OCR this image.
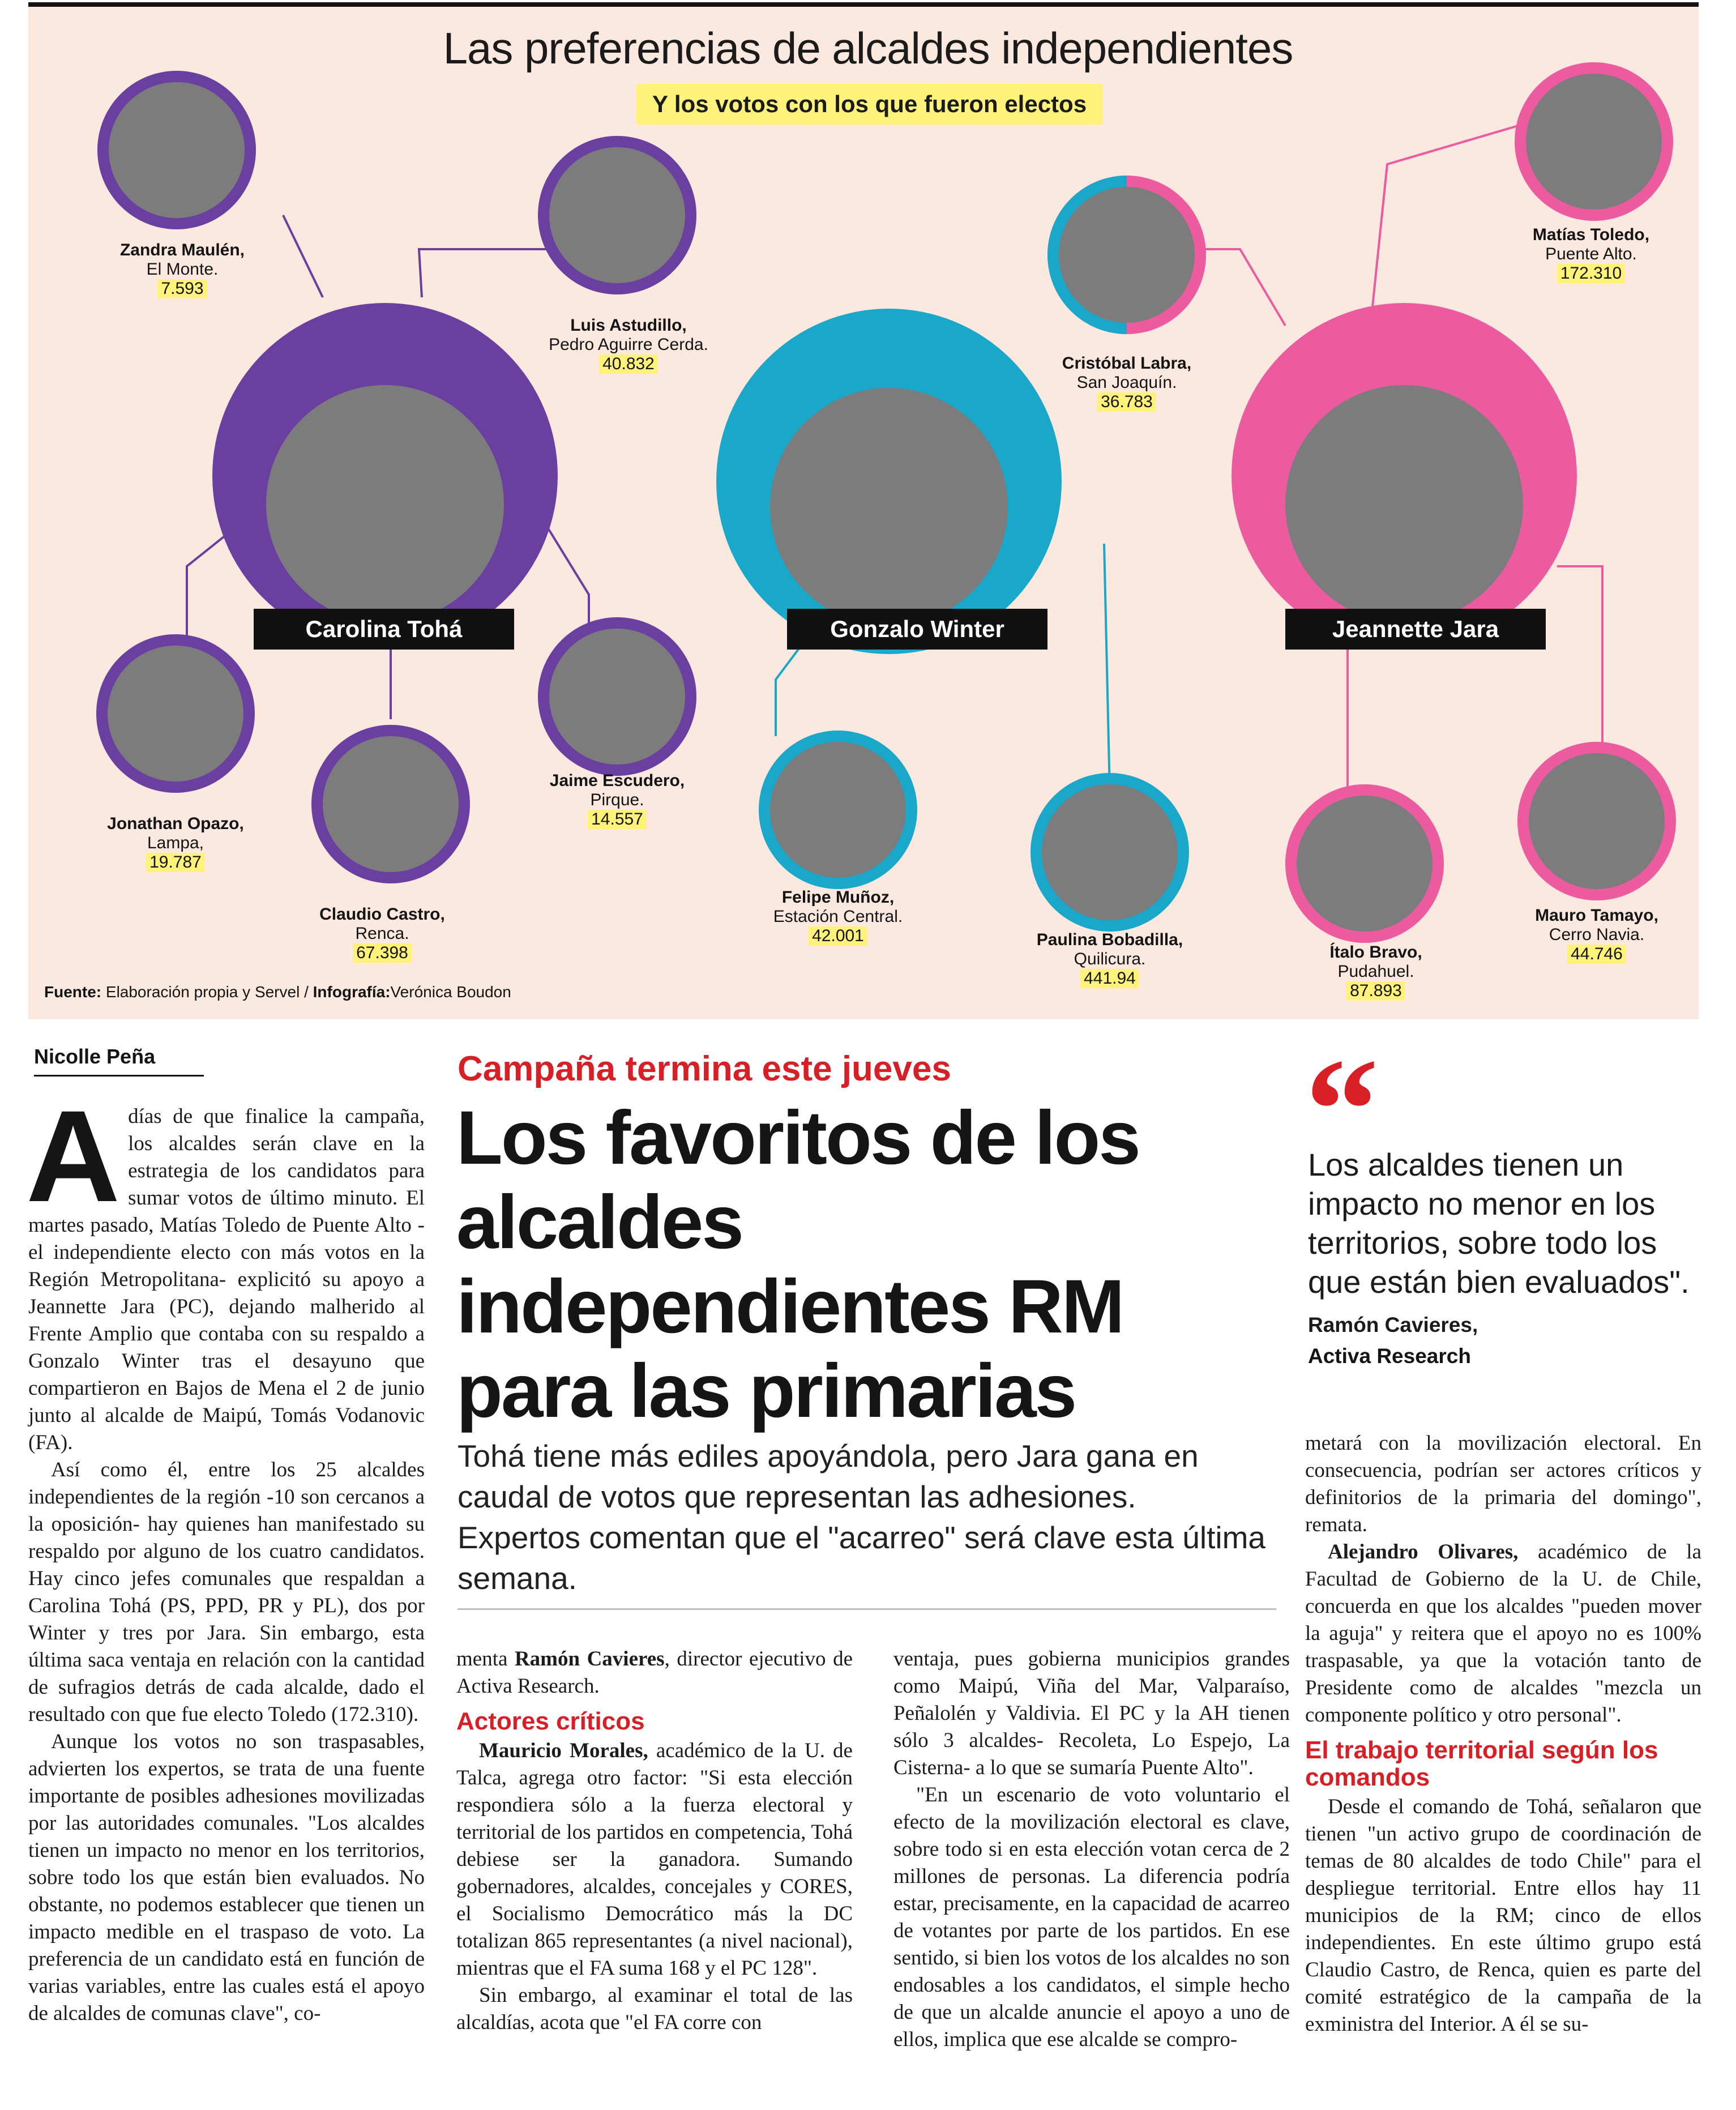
Las preferencias de alcaldes independientes
Y los votos con los que fueron electos
Carolina Tohá	Gonzalo Winter	Jeannette Jara
Zandra Maulén,
El Monte.
7.593
Luis Astudillo,
Pedro Aguirre Cerda.
40.832
Jonathan Opazo,
Lampa,
19.787
Claudio Castro,
Renca.
67.398
Jaime Escudero,
Pirque.
14.557
Cristóbal Labra,
San Joaquín.
36.783
Felipe Muñoz,
Estación Central.
42.001	Paulina Bobadilla,
Quilicura.
441.94
Matías Toledo,
Puente Alto.
172.310
Ítalo Bravo,
Pudahuel.
87.893
Mauro Tamayo,
Cerro Navia.
44.746
Fuente: Elaboración propia y Servel / Infografía:Verónica Boudon
Nicolle Peña	Campaña termina este jueves
Los favoritos de los alcaldes independientes RM para las primarias
Tohá tiene más ediles apoyándola, pero Jara gana en caudal de votos que representan las adhesiones. Expertos comentan que el "acarreo" será clave esta última semana.

Adías de que finalice la campaña, los alcaldes serán clave en la estrategia de los candidatos para sumar votos de último minuto. El martes pasado, Matías Toledo de Puente Alto -el independiente electo con más votos en la Región Metropolitana- explicitó su apoyo a Jeannette Jara (PC), dejando malherido al Frente Amplio que contaba con su respaldo a Gonzalo Winter tras el desayuno que compartieron en Bajos de Mena el 2 de junio junto al alcalde de Maipú, Tomás Vodanovic (FA).

Así como él, entre los 25 alcaldes independientes de la región -10 son cercanos a la oposición- hay quienes han manifestado su respaldo por alguno de los cuatro candidatos. Hay cinco jefes comunales que respaldan a Carolina Tohá (PS, PPD, PR y PL), dos por Winter y tres por Jara. Sin embargo, esta última saca ventaja en relación con la cantidad de sufragios detrás de cada alcalde, dado el resultado con que fue electo Toledo (172.310).

Aunque los votos no son traspasables, advierten los expertos, se trata de una fuente importante de posibles adhesiones movilizadas por las autoridades comunales. "Los alcaldes tienen un impacto no menor en los territorios, sobre todo los que están bien evaluados. No obstante, no podemos establecer que tienen un impacto medible en el traspaso de voto. La preferencia de un candidato está en función de varias variables, entre las cuales está el apoyo de alcaldes de comunas clave", co-

menta Ramón Cavieres, director ejecutivo de Activa Research.

Actores críticos

Mauricio Morales, académico de la U. de Talca, agrega otro factor: "Si esta elección respondiera sólo a la fuerza electoral y territorial de los partidos en competencia, Tohá debiese ser la ganadora. Sumando gobernadores, alcaldes, concejales y CORES, el Socialismo Democrático más la DC totalizan 865 representantes (a nivel nacional), mientras que el FA suma 168 y el PC 128".

Sin embargo, al examinar el total de las alcaldías, acota que "el FA corre con

ventaja, pues gobierna municipios grandes como Maipú, Viña del Mar, Valparaíso, Peñalolén y Valdivia. El PC y la AH tienen sólo 3 alcaldes- Recoleta, Lo Espejo, La Cisterna- a lo que se sumaría Puente Alto".

"En un escenario de voto voluntario el efecto de la movilización electoral es clave, sobre todo si en esta elección votan cerca de 2 millones de personas. La diferencia podría estar, precisamente, en la capacidad de acarreo de votantes por parte de los partidos. En ese sentido, si bien los votos de los alcaldes no son endosables a los candidatos, el simple hecho de que un alcalde anuncie el apoyo a uno de ellos, implica que ese alcalde se compro-

“
Los alcaldes tienen un impacto no menor en los territorios, sobre todo los que están bien evaluados". Ramón Cavieres,
Activa Research

metará con la movilización electoral. En consecuencia, podrían ser actores críticos y definitorios de la primaria del domingo", remata.

Alejandro Olivares, académico de la Facultad de Gobierno de la U. de Chile, concuerda en que los alcaldes "pueden mover la aguja" y reitera que el apoyo no es 100% traspasable, ya que la votación tanto de Presidente como de alcaldes "mezcla un componente político y otro personal".

El trabajo territorial según los comandos

Desde el comando de Tohá, señalaron que tienen "un activo grupo de coordinación de temas de 80 alcaldes de todo Chile" para el despliegue territorial. Entre ellos hay 11 municipios de la RM; cinco de ellos independientes. En este último grupo está Claudio Castro, de Renca, quien es parte del comité estratégico de la campaña de la exministra del Interior. A él se su-
